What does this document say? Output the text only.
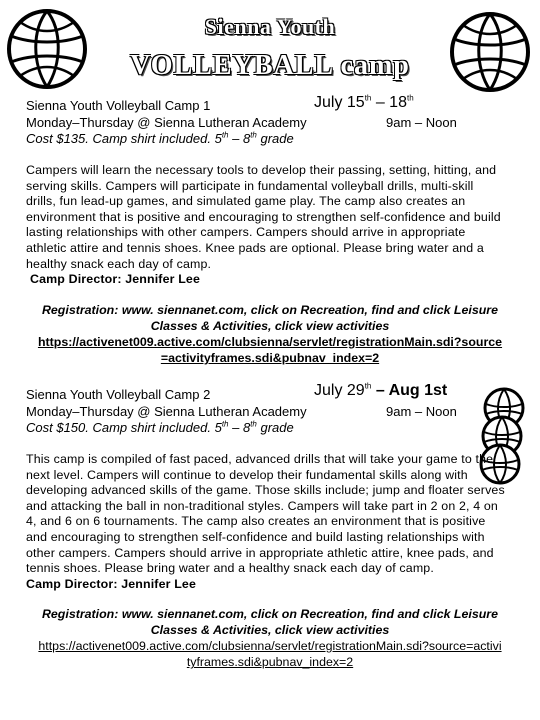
Sienna Youth
VOLLEYBALL camp
Sienna Youth Volleyball Camp 1	July 15th – 18th
Monday–Thursday @ Sienna Lutheran Academy	9am – Noon
Cost $135. Camp shirt included. 5th – 8th grade
Campers will learn the necessary tools to develop their passing, setting, hitting, and
serving skills. Campers will participate in fundamental volleyball drills, multi-skill
drills, fun lead-up games, and simulated game play. The camp also creates an
environment that is positive and encouraging to strengthen self-confidence and build
lasting relationships with other campers. Campers should arrive in appropriate
athletic attire and tennis shoes. Knee pads are optional. Please bring water and a
healthy snack each day of camp.
Camp Director: Jennifer Lee
Registration: www. siennanet.com, click on Recreation, find and click Leisure
Classes & Activities, click view activities
https://activenet009.active.com/clubsienna/servlet/registrationMain.sdi?source
=activityframes.sdi&pubnav_index=2
Sienna Youth Volleyball Camp 2	July 29th – Aug 1st
Monday–Thursday @ Sienna Lutheran Academy	9am – Noon
Cost $150. Camp shirt included. 5th – 8th grade
This camp is compiled of fast paced, advanced drills that will take your game to the
next level. Campers will continue to develop their fundamental skills along with
developing advanced skills of the game. Those skills include; jump and floater serves
and attacking the ball in non-traditional styles. Campers will take part in 2 on 2, 4 on
4, and 6 on 6 tournaments. The camp also creates an environment that is positive
and encouraging to strengthen self-confidence and build lasting relationships with
other campers. Campers should arrive in appropriate athletic attire, knee pads, and
tennis shoes. Please bring water and a healthy snack each day of camp.
Camp Director: Jennifer Lee
Registration: www. siennanet.com, click on Recreation, find and click Leisure
Classes & Activities, click view activities
https://activenet009.active.com/clubsienna/servlet/registrationMain.sdi?source=activi
tyframes.sdi&pubnav_index=2
